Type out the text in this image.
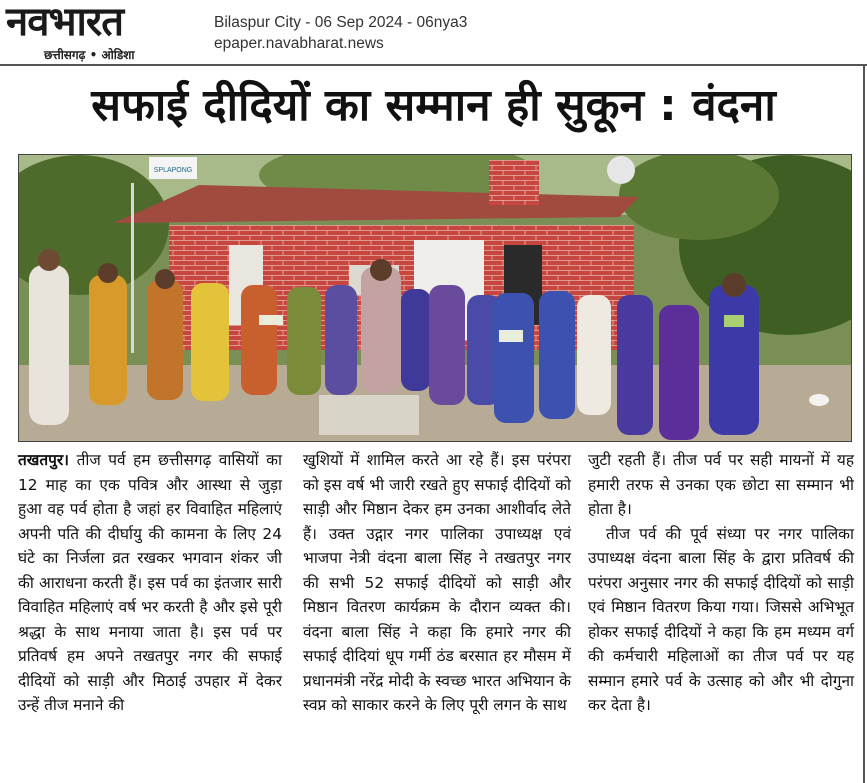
नवभारत
छत्तीसगढ़ • ओडिशा
Bilaspur City - 06 Sep 2024 - 06nya3
epaper.navabharat.news
सफाई दीदियों का सम्मान ही सुकून : वंदना
SPLAPONG

तखतपुर। तीज पर्व हम छत्तीसगढ़ वासियों का 12 माह का एक पवित्र और आस्था से जुड़ा हुआ वह पर्व होता है जहां हर विवाहित महिलाएं अपनी पति की दीर्घायु की कामना के लिए 24 घंटे का निर्जला व्रत रखकर भगवान शंकर जी की आराधना करती हैं। इस पर्व का इंतजार सारी विवाहित महिलाएं वर्ष भर करती है और इसे पूरी श्रद्धा के साथ मनाया जाता है। इस पर्व पर प्रतिवर्ष हम अपने तखतपुर नगर की सफाई दीदियों को साड़ी और मिठाई उपहार में देकर उन्हें तीज मनाने की

खुशियों में शामिल करते आ रहे हैं। इस परंपरा को इस वर्ष भी जारी रखते हुए सफाई दीदियों को साड़ी और मिष्ठान देकर हम उनका आशीर्वाद लेते हैं। उक्त उद्गार नगर पालिका उपाध्यक्ष एवं भाजपा नेत्री वंदना बाला सिंह ने तखतपुर नगर की सभी 52 सफाई दीदियों को साड़ी और मिष्ठान वितरण कार्यक्रम के दौरान व्यक्त की। वंदना बाला सिंह ने कहा कि हमारे नगर की सफाई दीदियां धूप गर्मी ठंड बरसात हर मौसम में प्रधानमंत्री नरेंद्र मोदी के स्वच्छ भारत अभियान के स्वप्न को साकार करने के लिए पूरी लगन के साथ

जुटी रहती हैं। तीज पर्व पर सही मायनों में यह हमारी तरफ से उनका एक छोटा सा सम्मान भी होता है।

तीज पर्व की पूर्व संध्या पर नगर पालिका उपाध्यक्ष वंदना बाला सिंह के द्वारा प्रतिवर्ष की परंपरा अनुसार नगर की सफाई दीदियों को साड़ी एवं मिष्ठान वितरण किया गया। जिससे अभिभूत होकर सफाई दीदियों ने कहा कि हम मध्यम वर्ग की कर्मचारी महिलाओं का तीज पर्व पर यह सम्मान हमारे पर्व के उत्साह को और भी दोगुना कर देता है।
